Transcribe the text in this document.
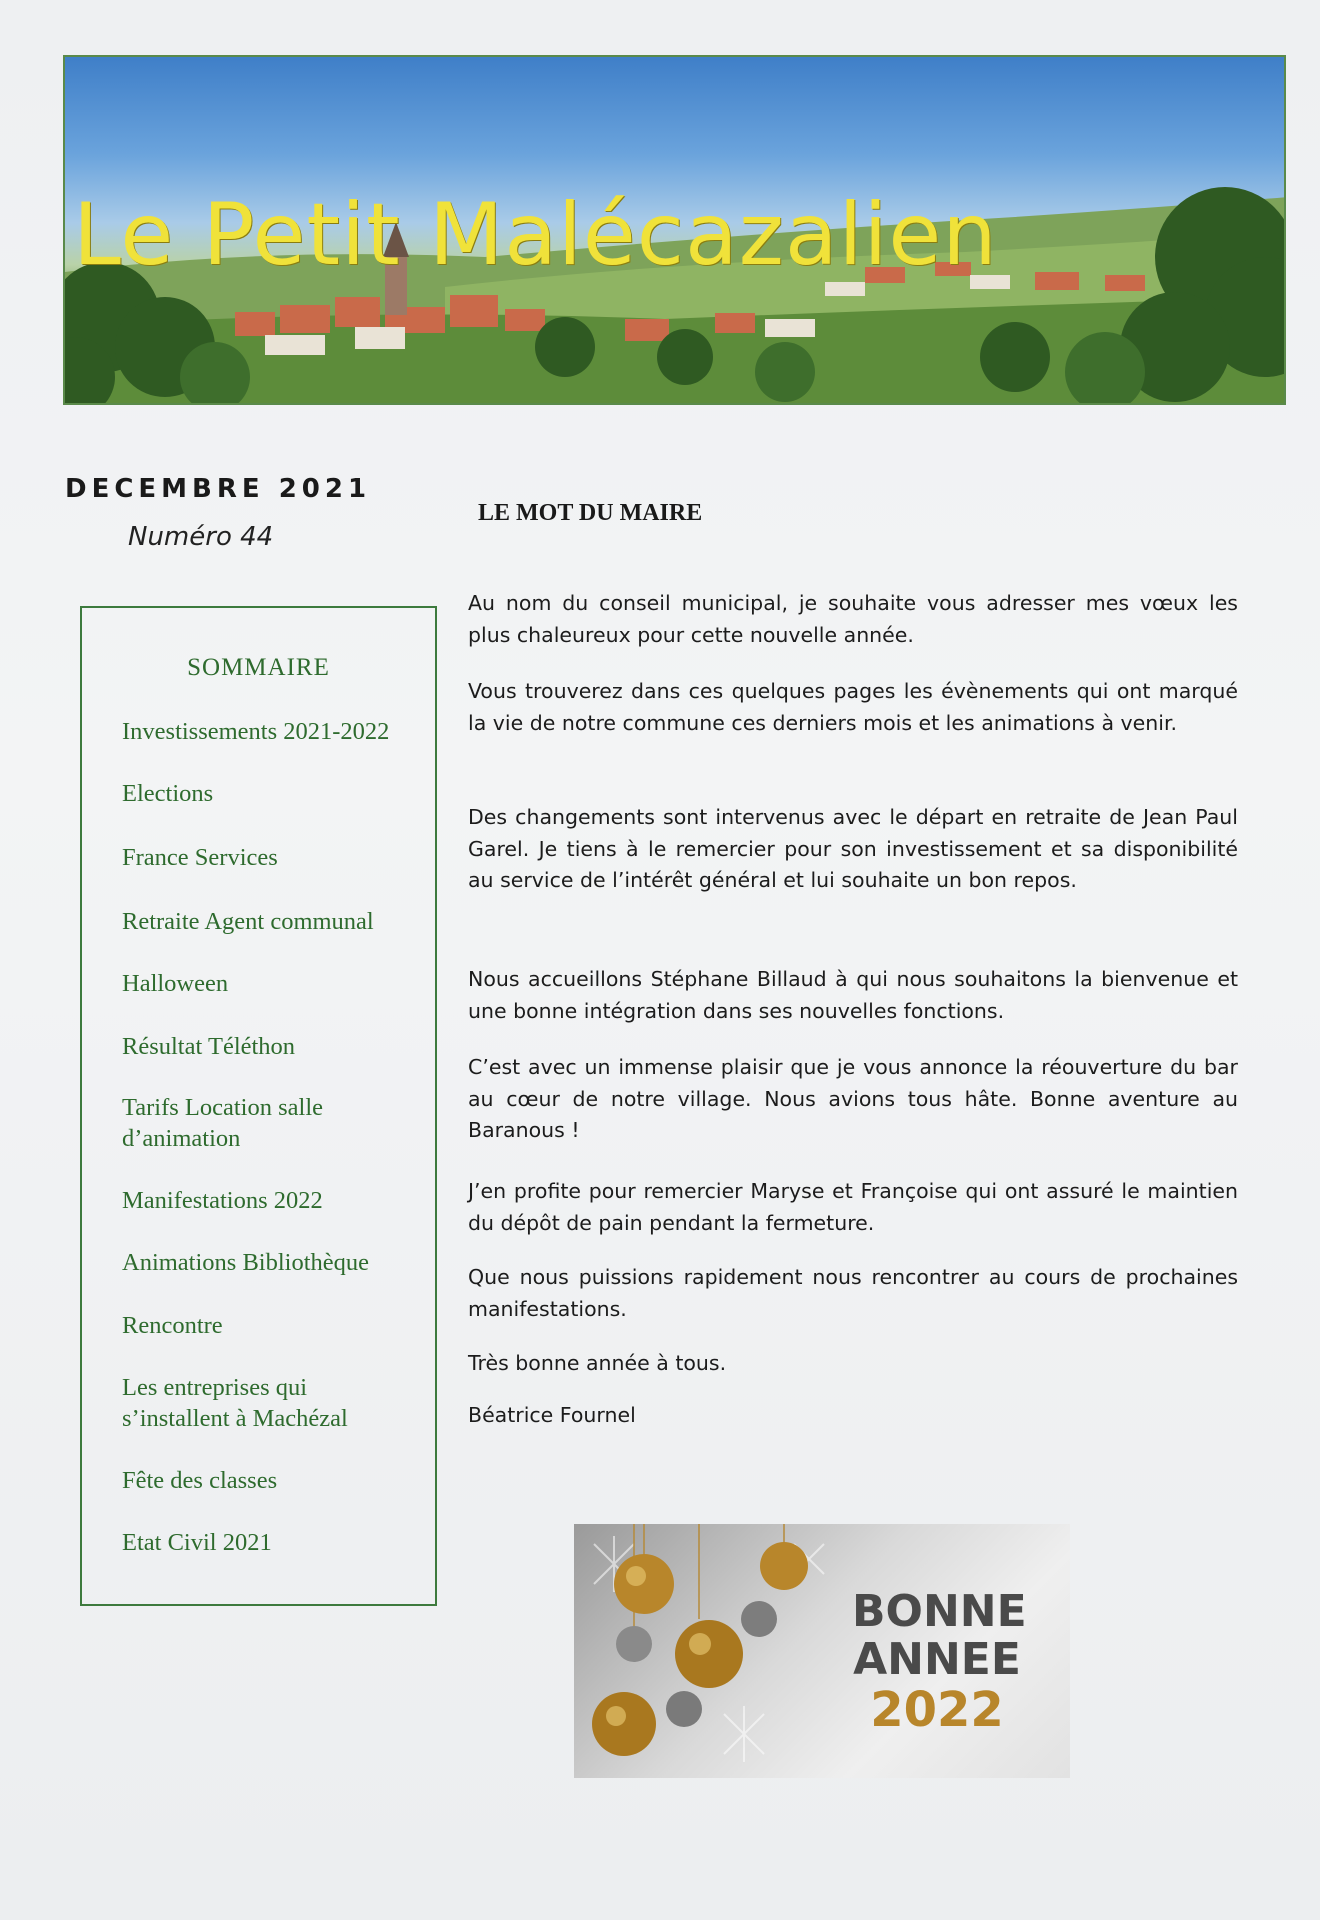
Le Petit Malécazalien
DECEMBRE 2021
Numéro 44
SOMMAIRE
Investissements 2021-2022
Elections
France Services
Retraite Agent communal
Halloween
Résultat Téléthon
Tarifs Location salle d’animation
Manifestations 2022
Animations Bibliothèque
Rencontre
Les entreprises qui s’installent à Machézal
Fête des classes
Etat Civil 2021
LE MOT DU MAIRE

Au nom du conseil municipal, je souhaite vous adresser mes vœux les plus chaleureux pour cette nouvelle année.

Vous trouverez dans ces quelques pages les évènements qui ont marqué la vie de notre commune ces derniers mois et les animations à venir.

Des changements sont intervenus avec le départ en retraite de Jean Paul Garel. Je tiens à le remercier pour son investissement et sa disponibilité au service de l’intérêt général et lui souhaite un bon repos.

Nous accueillons Stéphane Billaud à qui nous souhaitons la bienvenue et une bonne intégration dans ses nouvelles fonctions.

C’est avec un immense plaisir que je vous annonce la réouverture du bar au cœur de notre village. Nous avions tous hâte. Bonne aventure au Baranous !

J’en profite pour remercier Maryse et Françoise qui ont assuré le maintien du dépôt de pain pendant la fermeture.

Que nous puissions rapidement nous rencontrer au cours de prochaines manifestations.

Très bonne année à tous.

Béatrice Fournel

BONNE
ANNEE
2022
